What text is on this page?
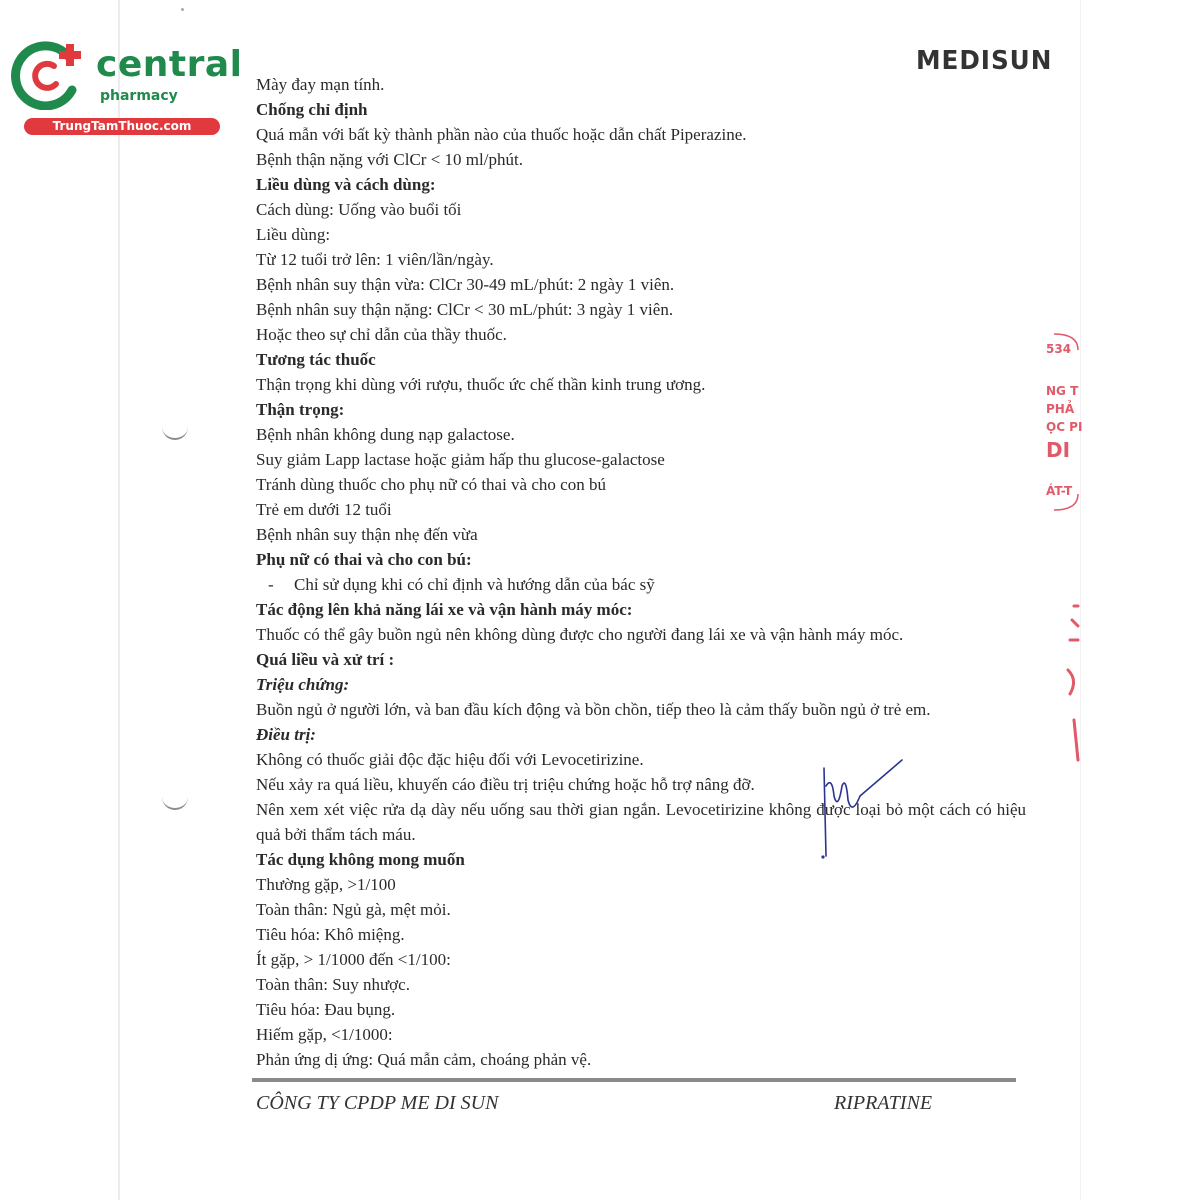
central
pharmacy
TrungTamThuoc.com
MEDISUN
Mày đay mạn tính.
Chống chỉ định
Quá mẫn với bất kỳ thành phần nào của thuốc hoặc dẫn chất Piperazine.
Bệnh thận nặng với ClCr < 10 ml/phút.
Liều dùng và cách dùng:
Cách dùng: Uống vào buổi tối
Liều dùng:
Từ 12 tuổi trở lên: 1 viên/lần/ngày.
Bệnh nhân suy thận vừa: ClCr 30-49 mL/phút: 2 ngày 1 viên.
Bệnh nhân suy thận nặng: ClCr < 30 mL/phút: 3 ngày 1 viên.
Hoặc theo sự chỉ dẫn của thầy thuốc.
Tương tác thuốc
Thận trọng khi dùng với rượu, thuốc ức chế thần kinh trung ương.
Thận trọng:
Bệnh nhân không dung nạp galactose.
Suy giảm Lapp lactase hoặc giảm hấp thu glucose-galactose
Tránh dùng thuốc cho phụ nữ có thai và cho con bú
Trẻ em dưới 12 tuổi
Bệnh nhân suy thận nhẹ đến vừa
Phụ nữ có thai và cho con bú:
- Chỉ sử dụng khi có chỉ định và hướng dẫn của bác sỹ
Tác động lên khả năng lái xe và vận hành máy móc:
Thuốc có thể gây buồn ngủ nên không dùng được cho người đang lái xe và vận hành máy móc.
Quá liều và xử trí :
Triệu chứng:
Buồn ngủ ở người lớn, và ban đầu kích động và bồn chồn, tiếp theo là cảm thấy buồn ngủ ở trẻ em.
Điều trị:
Không có thuốc giải độc đặc hiệu đối với Levocetirizine.
Nếu xảy ra quá liều, khuyến cáo điều trị triệu chứng hoặc hỗ trợ nâng đỡ.
Nên xem xét việc rửa dạ dày nếu uống sau thời gian ngắn. Levocetirizine không được loại bỏ một cách có hiệu quả bởi thẩm tách máu.
Tác dụng không mong muốn
Thường gặp, >1/100
Toàn thân: Ngủ gà, mệt mỏi.
Tiêu hóa: Khô miệng.
Ít gặp, > 1/1000 đến <1/100:
Toàn thân: Suy nhược.
Tiêu hóa: Đau bụng.
Hiếm gặp, <1/1000:
Phản ứng dị ứng: Quá mẫn cảm, choáng phản vệ.
534
NG T
PHẢ
ỌC PI
DI
ÁT-T
CÔNG TY CPDP ME DI SUN	RIPRATINE
